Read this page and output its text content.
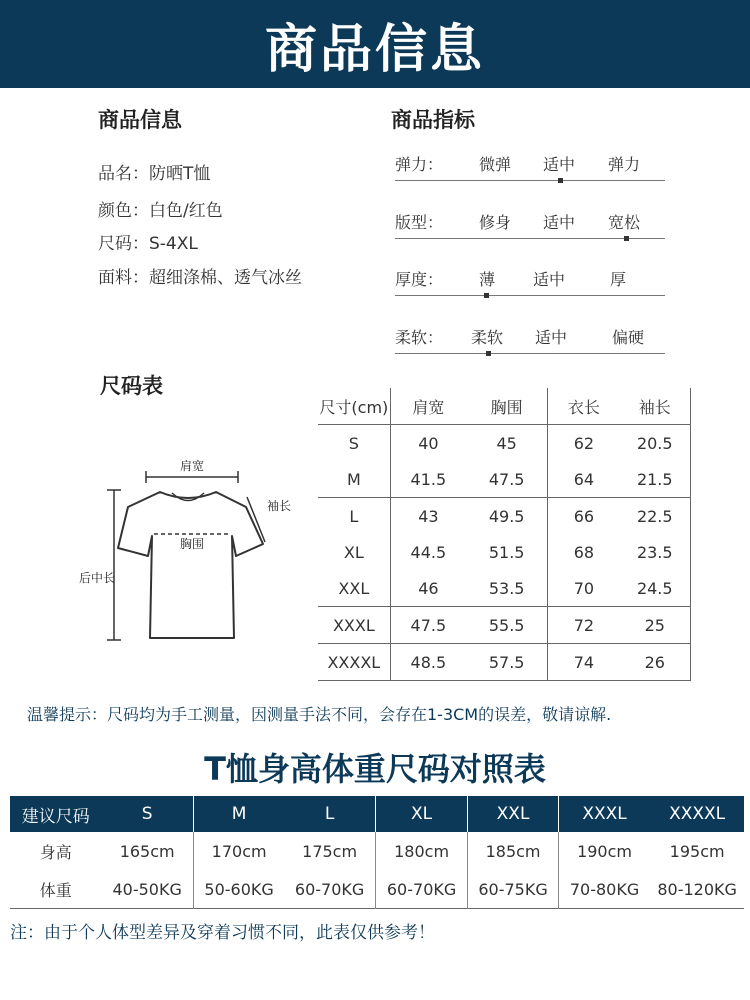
商品信息
商品信息
品名：防晒T恤
颜色：白色/红色
尺码：S-4XL
面料：超细涤棉、透气冰丝
商品指标
弹力： 微弹 适中 弹力
版型： 修身 适中 宽松
厚度： 薄 适中	厚
柔软： 柔软 适中	偏硬
尺码表
肩宽
后中长
胸围
袖长
尺寸(cm)	肩宽	胸围	衣长	袖长
S	40	45	62	20.5
M	41.5	47.5	64	21.5
L	43	49.5	66	22.5
XL	44.5	51.5	68	23.5
XXL	46	53.5	70	24.5
XXXL	47.5	55.5	72	25
XXXXL	48.5	57.5	74	26
温馨提示：尺码均为手工测量，因测量手法不同，会存在1-3CM的误差，敬请谅解.
T恤身高体重尺码对照表
建议尺码	S	M	L	XL	XXL	XXXL	XXXXL
身高	165cm	170cm	175cm	180cm	185cm	190cm	195cm
体重	40-50KG	50-60KG	60-70KG	60-70KG	60-75KG	70-80KG	80-120KG
注：由于个人体型差异及穿着习惯不同，此表仅供参考！
